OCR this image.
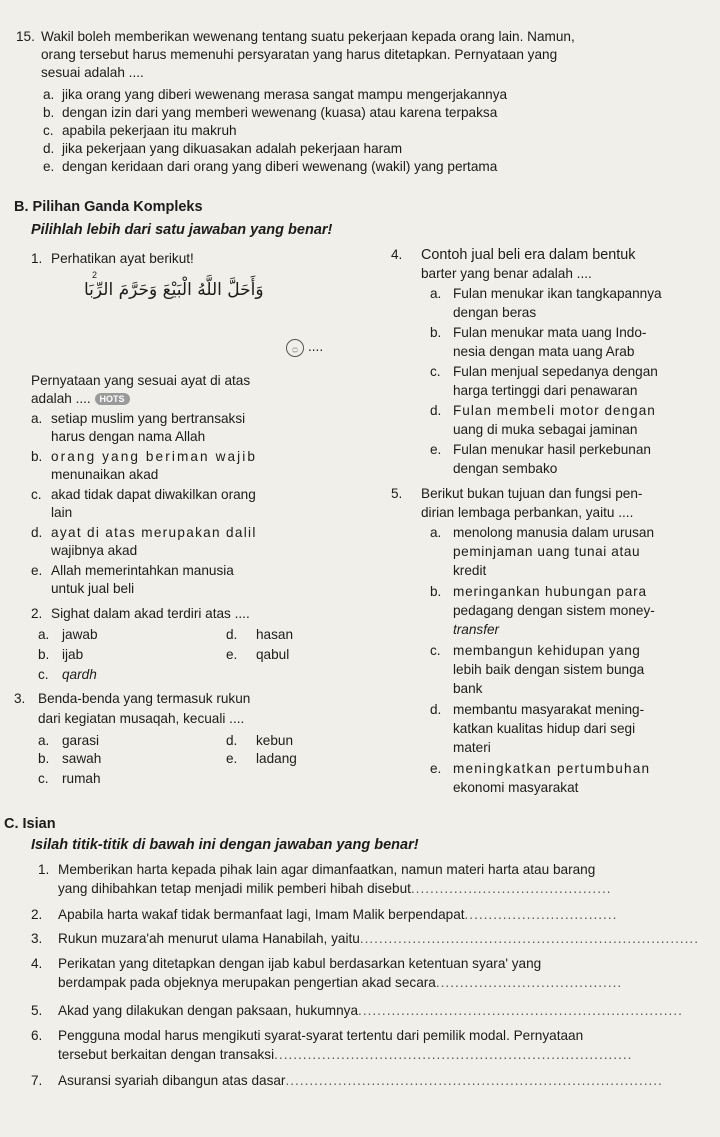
15. Wakil boleh memberikan wewenang tentang suatu pekerjaan kepada orang lain. Namun,
orang tersebut harus memenuhi persyaratan yang harus ditetapkan. Pernyataan yang
sesuai adalah ....
a. jika orang yang diberi wewenang merasa sangat mampu mengerjakannya
b. dengan izin dari yang memberi wewenang (kuasa) atau karena terpaksa
c. apabila pekerjaan itu makruh
d. jika pekerjaan yang dikuasakan adalah pekerjaan haram
e. dengan keridaan dari orang yang diberi wewenang (wakil) yang pertama
B. Pilihan Ganda Kompleks
Pilihlah lebih dari satu jawaban yang benar!
1. Perhatikan ayat berikut!
2
وَأَحَلَّ اللَّهُ الْبَيْعَ وَحَرَّمَ الرِّبَا
۝ ....
Pernyataan yang sesuai ayat di atas
adalah .... HOTS
a. setiap muslim yang bertransaksi
harus dengan nama Allah
b. orang yang beriman wajib
menunaikan akad
c. akad tidak dapat diwakilkan orang
lain
d. ayat di atas merupakan dalil
wajibnya akad
e. Allah memerintahkan manusia
untuk jual beli
2. Sighat dalam akad terdiri atas ....
a. jawab	d. hasan
b. ijab	e. qabul
c. qardh
3. Benda-benda yang termasuk rukun
dari kegiatan musaqah, kecuali ....
a. garasi	d. kebun
b. sawah	e. ladang
c. rumah
4. Contoh jual beli era dalam bentuk
barter yang benar adalah ....
a. Fulan menukar ikan tangkapannya
dengan beras
b. Fulan menukar mata uang Indo-
nesia dengan mata uang Arab
c. Fulan menjual sepedanya dengan
harga tertinggi dari penawaran
d. Fulan membeli motor dengan
uang di muka sebagai jaminan
e. Fulan menukar hasil perkebunan
dengan sembako
5. Berikut bukan tujuan dan fungsi pen-
dirian lembaga perbankan, yaitu ....
a. menolong manusia dalam urusan
peminjaman uang tunai atau
kredit
b. meringankan hubungan para
pedagang dengan sistem money-
transfer
c. membangun kehidupan yang
lebih baik dengan sistem bunga
bank
d. membantu masyarakat mening-
katkan kualitas hidup dari segi
materi
e. meningkatkan pertumbuhan
ekonomi masyarakat
C. Isian
Isilah titik-titik di bawah ini dengan jawaban yang benar!
1. Memberikan harta kepada pihak lain agar dimanfaatkan, namun materi harta atau barang
yang dihibahkan tetap menjadi milik pemberi hibah disebut..........................................
2. Apabila harta wakaf tidak bermanfaat lagi, Imam Malik berpendapat................................
3. Rukun muzara'ah menurut ulama Hanabilah, yaitu.......................................................................
4. Perikatan yang ditetapkan dengan ijab kabul berdasarkan ketentuan syara' yang
berdampak pada objeknya merupakan pengertian akad secara.......................................
5. Akad yang dilakukan dengan paksaan, hukumnya....................................................................
6. Pengguna modal harus mengikuti syarat-syarat tertentu dari pemilik modal. Pernyataan
tersebut berkaitan dengan transaksi...........................................................................
7. Asuransi syariah dibangun atas dasar...............................................................................
